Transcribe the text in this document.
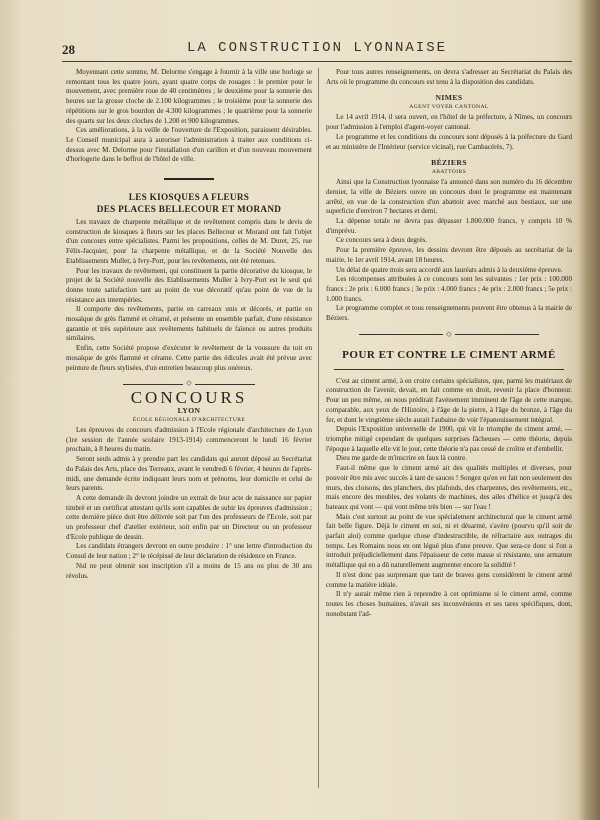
28	LA CONSTRUCTION LYONNAISE

Moyennant cette somme, M. Delorme s'engage à fournir à la ville une horloge se remontant tous les quatre jours, ayant quatre corps de rouages : le premier pour le mouvement, avec première roue de 40 centimètres ; le deuxième pour la sonnerie des heures sur la grosse cloche de 2.100 kilogrammes ; le troisième pour la sonnerie des répétitions sur le gros bourdon de 4.300 kilogrammes ; le quatrième pour la sonnerie des quarts sur les deux cloches de 1.200 et 900 kilogrammes.

Ces améliorations, à la veille de l'ouverture de l'Exposition, paraissent désirables. Le Conseil municipal aura à autoriser l'administration à traiter aux conditions ci-dessus avec M. Delorme pour l'installation d'un carillon et d'un nouveau mouvement d'horlogerie dans le beffroi de l'hôtel de ville.

LES KIOSQUES A FLEURS
DES PLACES BELLECOUR ET MORAND

Les travaux de charpente métallique et de revêtement compris dans le devis de construction de kiosques à fleurs sur les places Bellecour et Morand ont fait l'objet d'un concours entre spécialistes. Parmi les propositions, celles de M. Duret, 25, rue Félix-Jacquier, pour la charpente métallique, et de la Société Nouvelle des Etablissements Muller, à Ivry-Port, pour les revêtements, ont été retenues.

Pour les travaux de revêtement, qui constituent la partie décorative du kiosque, le projet de la Société nouvelle des Etablissements Muller à Ivry-Port est le seul qui donne toute satisfaction tant au point de vue décoratif qu'au point de vue de la résistance aux intempéries.

Il comporte des revêtements, partie en carreaux unis et décorés, et partie en mosaïque de grès flammé et céramé, et présente un ensemble parfait, d'une résistance garantie et très supérieure aux revêtements habituels de faïence ou autres produits similaires.

Enfin, cette Société propose d'exécuter le revêtement de la voussure du toit en mosaïque de grès flammé et cérame. Cette partie des édicules avait été prévue avec peinture de fleurs stylisées, d'un entretien beaucoup plus onéreux.

◇
CONCOURS
LYON
ÉCOLE RÉGIONALE D'ARCHITECTURE

Les épreuves du concours d'admission à l'Ecole régionale d'architecture de Lyon (1re session de l'année scolaire 1913-1914) commenceront le lundi 16 février prochain, à 8 heures du matin.

Seront seuls admis à y prendre part les candidats qui auront déposé au Secrétariat du Palais des Arts, place des Terreaux, avant le vendredi 6 février, 4 heures de l'après-midi, une demande écrite indiquant leurs nom et prénoms, leur domicile et celui de leurs parents.

A cette demande ils devront joindre un extrait de leur acte de naissance sur papier timbré et un certificat attestant qu'ils sont capables de subir les épreuves d'admission ; cette dernière pièce doit être délivrée soit par l'un des professeurs de l'Ecole, soit par un professeur chef d'atelier extérieur, soit enfin par un Directeur ou un professeur d'Ecole publique de dessin.

Les candidats étrangers devront en outre produire : 1° une lettre d'introduction du Consul de leur nation ; 2° le récépissé de leur déclaration de résidence en France.

Nul ne peut obtenir son inscription s'il a moins de 15 ans ou plus de 30 ans révolus.

Pour tous autres renseignements, on devra s'adresser au Secrétariat du Palais des Arts où le programme du concours est tenu à la disposition des candidats.

NIMES
AGENT VOYER CANTONAL

Le 14 avril 1914, il sera ouvert, en l'hôtel de la préfecture, à Nîmes, un concours pour l'admission à l'emploi d'agent-voyer cantonal.

Le programme et les conditions du concours sont déposés à la préfecture du Gard et au ministère de l'Intérieur (service vicinal), rue Cambacérès, 7).

BÉZIERS
ABATTOIRS

Ainsi que la Construction lyonnaise l'a annoncé dans son numéro du 16 décembre dernier, la ville de Béziers ouvre un concours dont le programme est maintenant arrêté, en vue de la construction d'un abattoir avec marché aux bestiaux, sur une superficie d'environ 7 hectares et demi.

La dépense totale ne devra pas dépasser 1.800.000 francs, y compris 10 % d'imprévu.

Ce concours sera à deux degrés.

Pour la première épreuve, les dessins devront être déposés au secrétariat de la mairie, le 1er avril 1914, avant 18 heures.

Un délai de quatre mois sera accordé aux lauréats admis à la deuxième épreuve.

Les récompenses attribuées à ce concours sont les suivantes : 1er prix : 100.000 francs ; 2e prix : 6.000 francs ; 3e prix : 4.000 francs ; 4e prix : 2.000 francs ; 5e prix : 1.000 francs.

Le programme complet et tous renseignements peuvent être obtenus à la mairie de Béziers.

◇
POUR ET CONTRE LE CIMENT ARMÉ

C'est au ciment armé, à en croire certains spécialistes, que, parmi les matériaux de construction de l'avenir, devait, en fait comme en droit, revenir la place d'honneur. Pour un peu même, on nous prédirait l'avènement imminent de l'âge de cette marque, comparable, aux yeux de l'Histoire, à l'âge de la pierre, à l'âge du bronze, à l'âge du fer, et dont le vingtième siècle aurait l'aubaine de voir l'épanouissement intégral.

Depuis l'Exposition universelle de 1900, qui vit le triomphe du ciment armé, — triomphe mitigé cependant de quelques surprises fâcheuses — cette théorie, depuis l'époque à laquelle elle vit le jour, cette théorie n'a pas cessé de croître et d'embellir.

Dieu me garde de m'inscrire en faux là contre.

Faut-il même que le ciment armé ait des qualités multiples et diverses, pour pouvoir être mis avec succès à tant de sauces ! Songez qu'en en fait non seulement des murs, des cloisons, des planchers, des plafonds, des charpentes, des revêtements, etc., mais encore des meubles, des volants de machines, des ailes d'hélice et jusqu'à des bateaux qui vont — qui vont même très bien — sur l'eau !

Mais c'est surtout au point de vue spécialement architectural que le ciment armé fait belle figure. Déjà le ciment en soi, ni et désarmé, s'avère (pourvu qu'il soit de parfait aloi) comme quelque chose d'indestructible, de réfractaire aux outrages du temps. Les Romains nous en ont légué plus d'une preuve. Que sera-ce donc si l'on a introduit préjudiciellement dans l'épaisseur de cette masse si résistante, une armature métallique qui en a dû naturellement augmenter encore la solidité !

Il n'est donc pas surprenant que tant de braves gens considèrent le ciment armé comme la matière idéale.

Il n'y aurait même rien à reprendre à cet optimisme si le ciment armé, comme toutes les choses humaines, n'avait ses inconvénients et ses tares spécifiques, dont, nonobstant l'ad-
